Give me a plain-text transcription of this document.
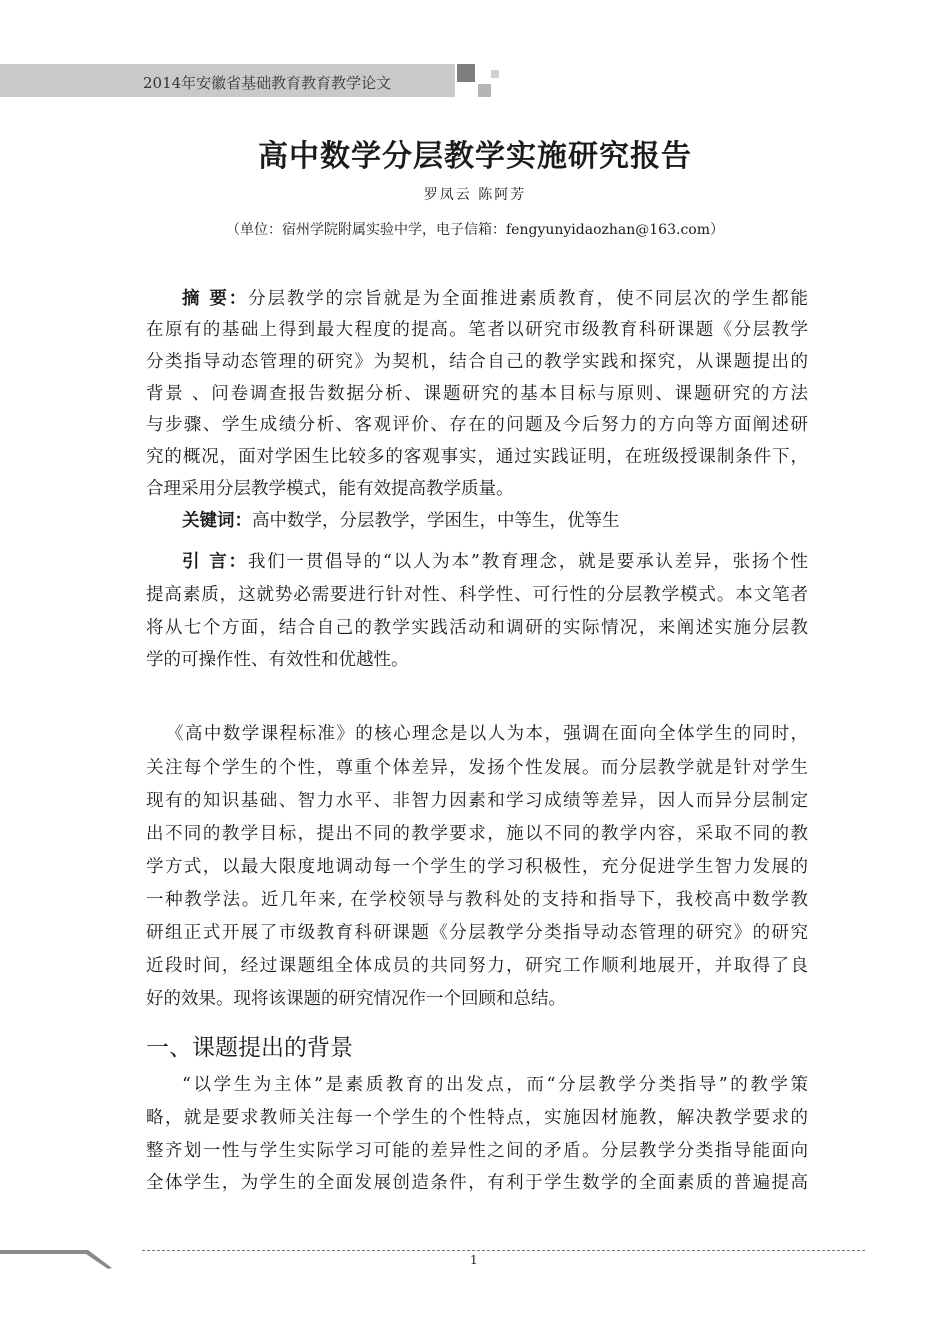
2014年安徽省基础教育教育教学论文
高中数学分层教学实施研究报告
罗凤云 陈阿芳
（单位：宿州学院附属实验中学，电子信箱：fengyunyidaozhan@163.com）
摘 要：分层教学的宗旨就是为全面推进素质教育，使不同层次的学生都能
在原有的基础上得到最大程度的提高。笔者以研究市级教育科研课题《分层教学
分类指导动态管理的研究》为契机，结合自己的教学实践和探究，从课题提出的
背景 、问卷调查报告数据分析、课题研究的基本目标与原则、课题研究的方法
与步骤、学生成绩分析、客观评价、存在的问题及今后努力的方向等方面阐述研
究的概况，面对学困生比较多的客观事实，通过实践证明，在班级授课制条件下，
合理采用分层教学模式，能有效提高教学质量。
关键词：高中数学，分层教学，学困生，中等生，优等生
引 言：我们一贯倡导的“以人为本”教育理念，就是要承认差异，张扬个性
提高素质，这就势必需要进行针对性、科学性、可行性的分层教学模式。本文笔者
将从七个方面，结合自己的教学实践活动和调研的实际情况，来阐述实施分层教
学的可操作性、有效性和优越性。
《高中数学课程标准》的核心理念是以人为本，强调在面向全体学生的同时，
关注每个学生的个性，尊重个体差异，发扬个性发展。而分层教学就是针对学生
现有的知识基础、智力水平、非智力因素和学习成绩等差异，因人而异分层制定
出不同的教学目标，提出不同的教学要求，施以不同的教学内容，采取不同的教
学方式，以最大限度地调动每一个学生的学习积极性，充分促进学生智力发展的
一种教学法。近几年来, 在学校领导与教科处的支持和指导下，我校高中数学教
研组正式开展了市级教育科研课题《分层教学分类指导动态管理的研究》的研究
近段时间，经过课题组全体成员的共同努力，研究工作顺利地展开，并取得了良
好的效果。现将该课题的研究情况作一个回顾和总结。
一、课题提出的背景
“以学生为主体”是素质教育的出发点，而“分层教学分类指导”的教学策
略，就是要求教师关注每一个学生的个性特点，实施因材施教，解决教学要求的
整齐划一性与学生实际学习可能的差异性之间的矛盾。分层教学分类指导能面向
全体学生，为学生的全面发展创造条件，有利于学生数学的全面素质的普遍提高
1
